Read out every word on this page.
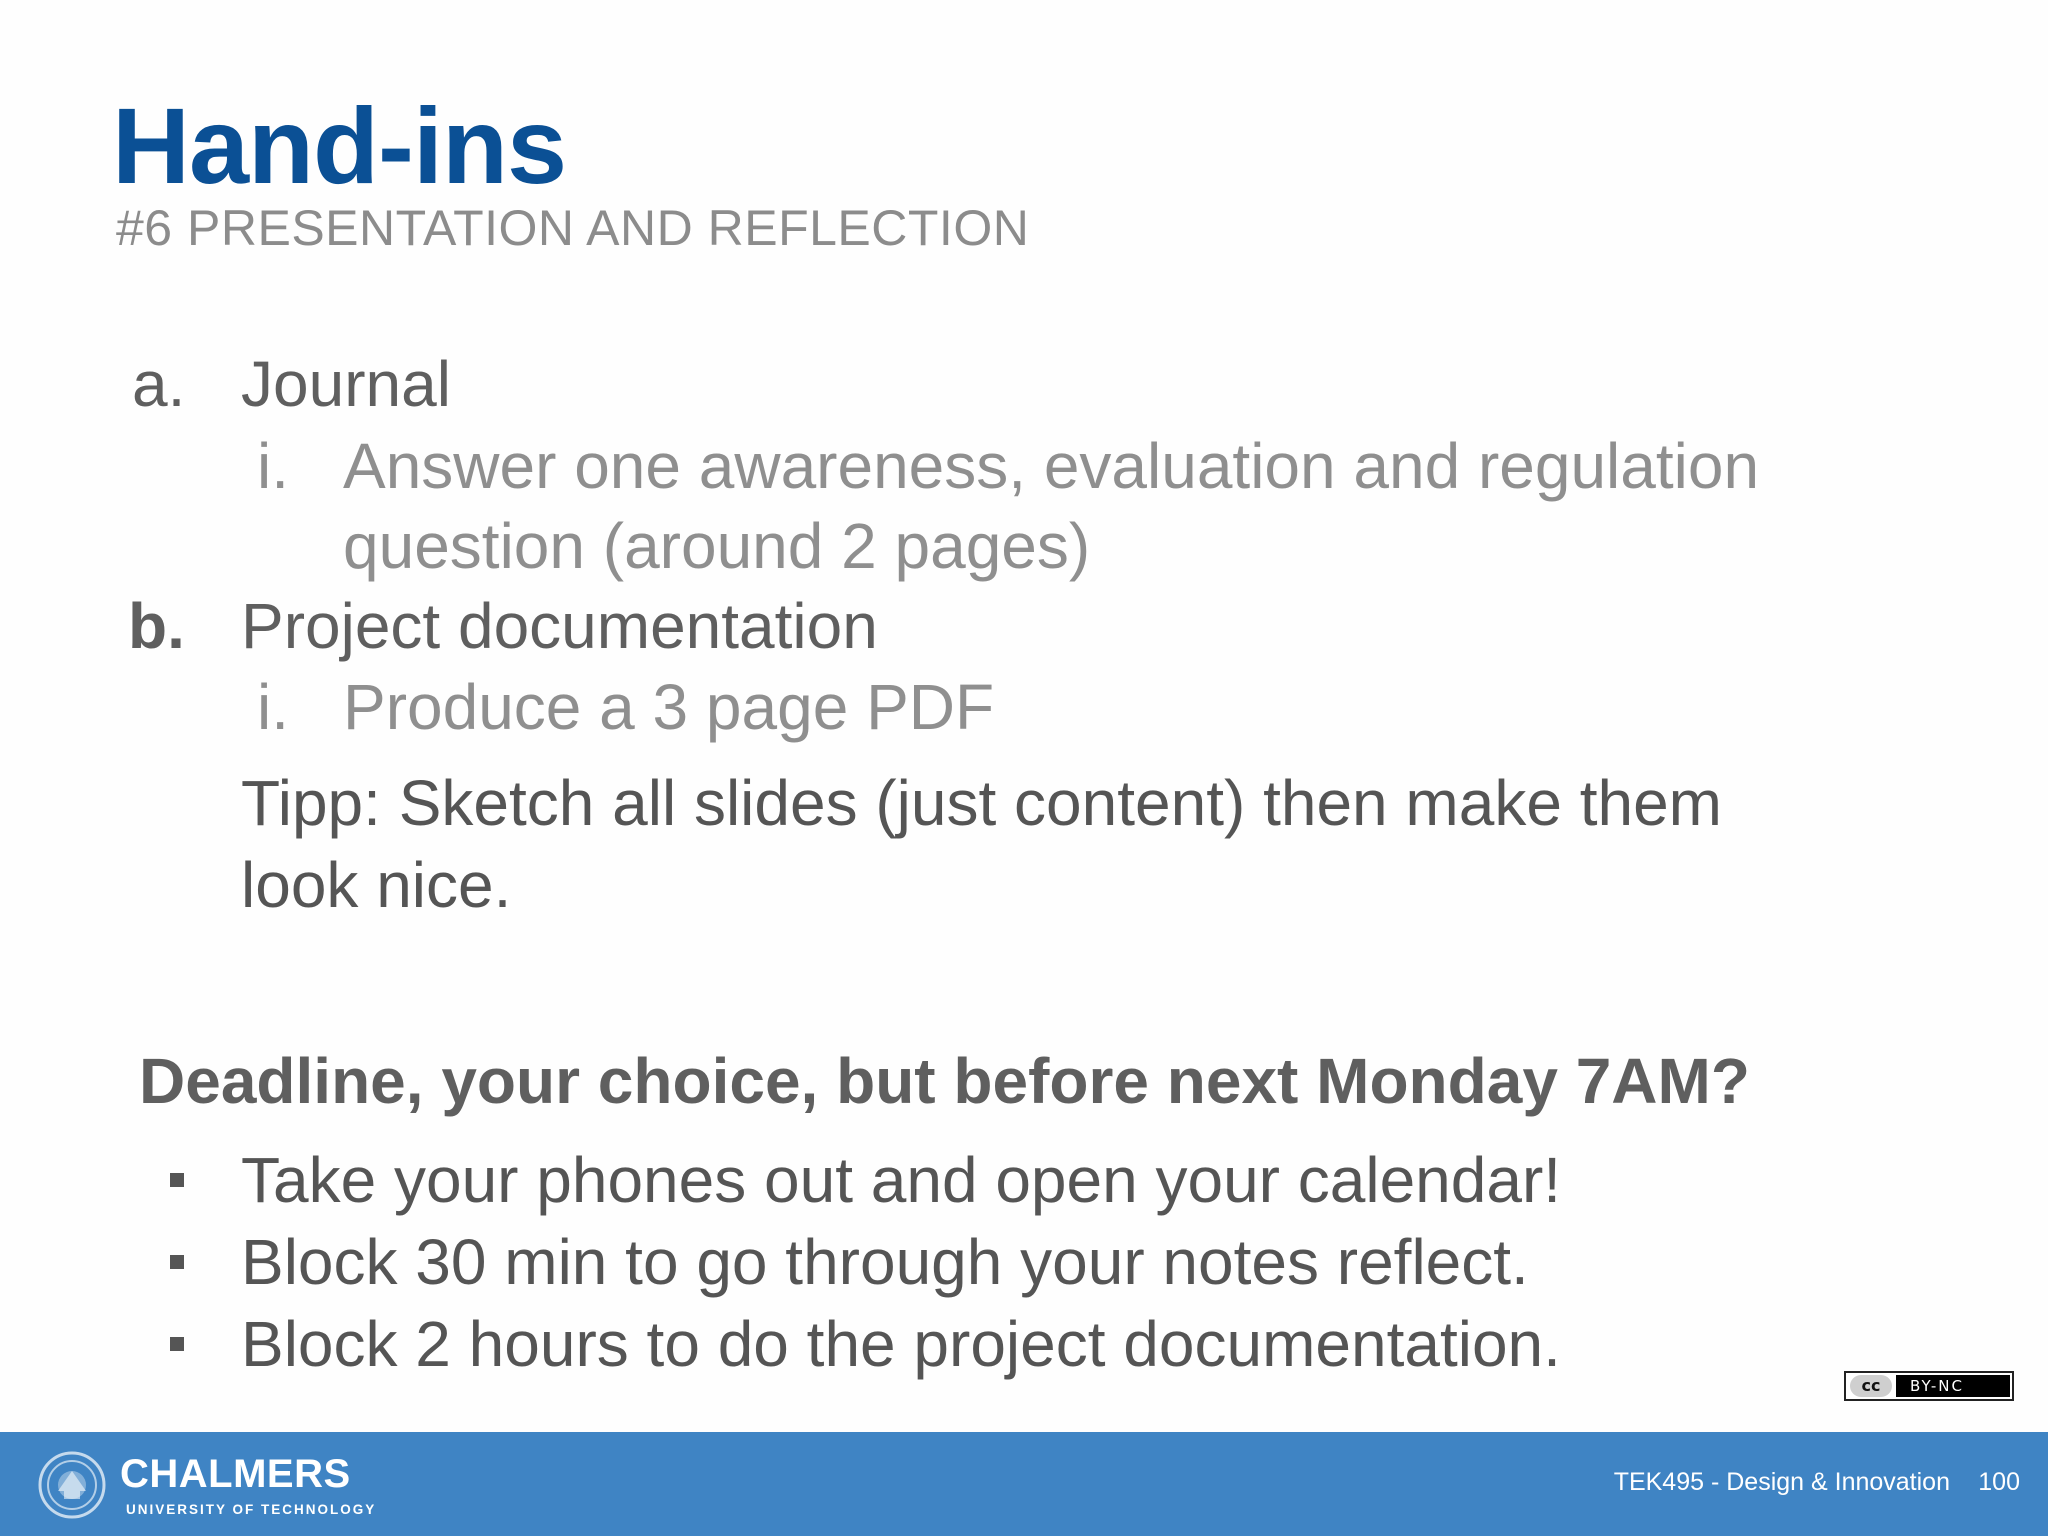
Hand-ins
#6 PRESENTATION AND REFLECTION
a. Journal
i. Answer one awareness, evaluation and regulation
question (around 2 pages)
b. Project documentation
i. Produce a 3 page PDF
Tipp: Sketch all slides (just content) then make them look nice.
Deadline, your choice, but before next Monday 7AM?
Take your phones out and open your calendar!
Block 30 min to go through your notes reflect.
Block 2 hours to do the project documentation.
cc	BY-NC
CHALMERS
UNIVERSITY OF TECHNOLOGY
TEK495 - Design & Innovation 100
